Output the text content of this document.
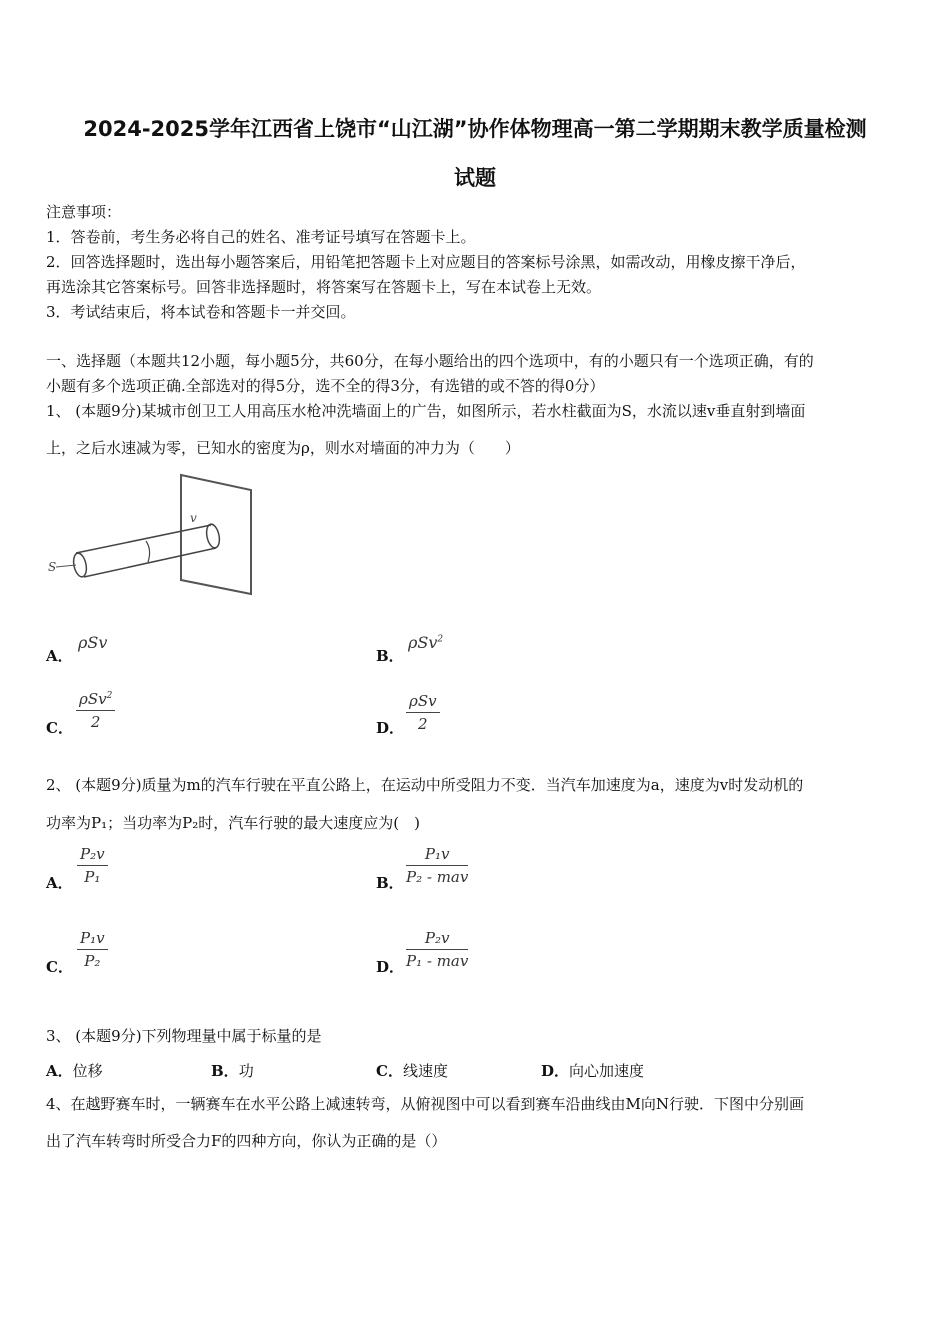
2024-2025学年江西省上饶市“山江湖”协作体物理高一第二学期期末教学质量检测
试题
注意事项：
1．答卷前，考生务必将自己的姓名、准考证号填写在答题卡上。
2．回答选择题时，选出每小题答案后，用铅笔把答题卡上对应题目的答案标号涂黑，如需改动，用橡皮擦干净后，
再选涂其它答案标号。回答非选择题时，将答案写在答题卡上，写在本试卷上无效。
3．考试结束后，将本试卷和答题卡一并交回。
一、选择题（本题共12小题，每小题5分，共60分，在每小题给出的四个选项中，有的小题只有一个选项正确，有的
小题有多个选项正确.全部选对的得5分，选不全的得3分，有选错的或不答的得0分）
1、 (本题9分)某城市创卫工人用高压水枪冲洗墙面上的广告，如图所示，若水柱截面为S，水流以速v垂直射到墙面
上，之后水速减为零，已知水的密度为ρ，则水对墙面的冲力为（　　）
S
v
A．
ρSv
B．
ρSv$^2$
C．
ρSv$^2$
2	D．
ρSv
2
2、 (本题9分)质量为m的汽车行驶在平直公路上，在运动中所受阻力不变．当汽车加速度为a，速度为v时发动机的
功率为P₁；当功率为P₂时，汽车行驶的最大速度应为(　)
A．
P₂v
P₁	B．
P₁v
P₂ - mav
C．
P₁v
P₂	D．
P₂v
P₁ - mav
3、 (本题9分)下列物理量中属于标量的是
A．位移	B．功	C．线速度	D．向心加速度
4、在越野赛车时，一辆赛车在水平公路上减速转弯，从俯视图中可以看到赛车沿曲线由M向N行驶．下图中分别画
出了汽车转弯时所受合力F的四种方向，你认为正确的是（）
